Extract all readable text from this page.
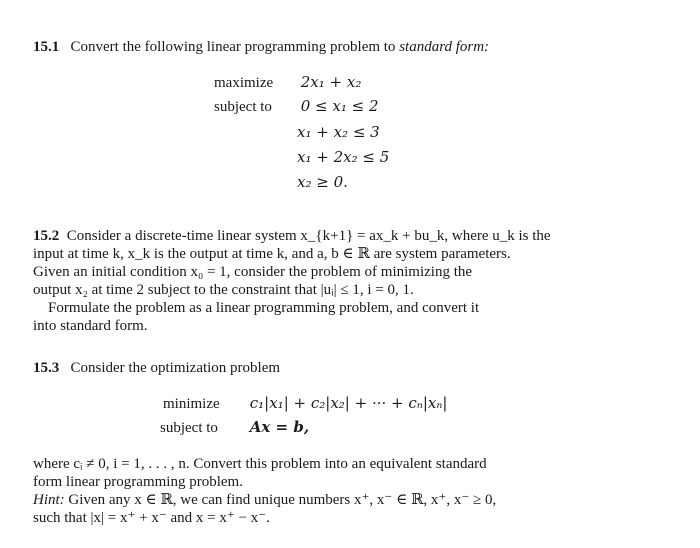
15.1 Convert the following linear programming problem to standard form:
maximize 2x₁ + x₂
subject to 0 ≤ x₁ ≤ 2
x₁ + x₂ ≤ 3
x₁ + 2x₂ ≤ 5
x₂ ≥ 0.
15.2 Consider a discrete-time linear system x_{k+1} = ax_k + bu_k, where u_k is the
input at time k, x_k is the output at time k, and a, b ∈ ℝ are system parameters.
Given an initial condition x₀ = 1, consider the problem of minimizing the
output x₂ at time 2 subject to the constraint that |uᵢ| ≤ 1, i = 0, 1.
Formulate the problem as a linear programming problem, and convert it
into standard form.
15.3 Consider the optimization problem
minimize c₁|x₁| + c₂|x₂| + ··· + cₙ|xₙ|
subject to Ax = b,
where cᵢ ≠ 0, i = 1, . . . , n. Convert this problem into an equivalent standard
form linear programming problem.
Hint: Given any x ∈ ℝ, we can find unique numbers x⁺, x⁻ ∈ ℝ, x⁺, x⁻ ≥ 0,
such that |x| = x⁺ + x⁻ and x = x⁺ − x⁻.
